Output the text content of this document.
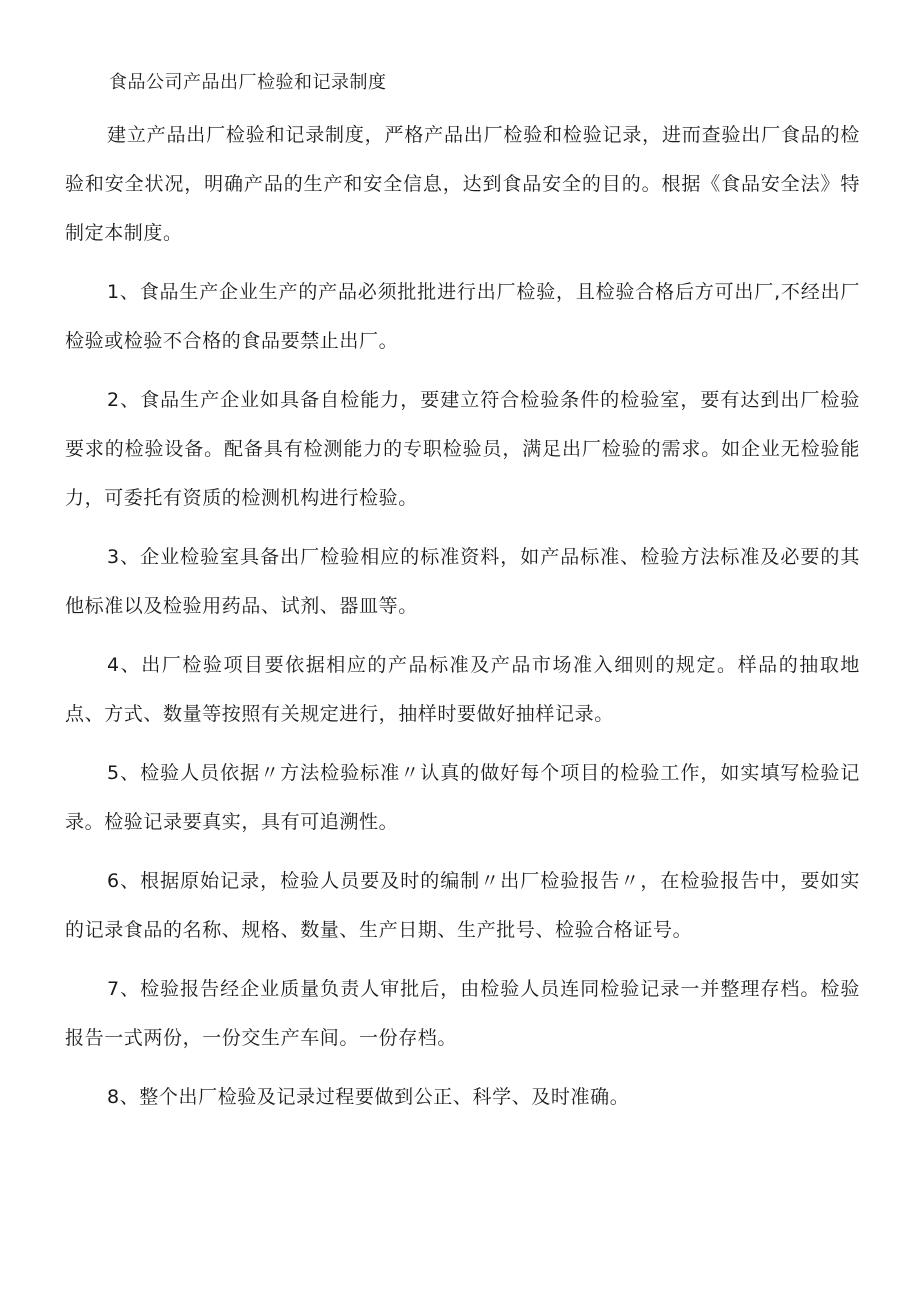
食品公司产品出厂检验和记录制度

建立产品出厂检验和记录制度，严格产品出厂检验和检验记录，进而查验出厂食品的检验和安全状况，明确产品的生产和安全信息，达到食品安全的目的。根据《食品安全法》特制定本制度。

1、食品生产企业生产的产品必须批批进行出厂检验，且检验合格后方可出厂,不经出厂检验或检验不合格的食品要禁止出厂。

2、食品生产企业如具备自检能力，要建立符合检验条件的检验室，要有达到出厂检验要求的检验设备。配备具有检测能力的专职检验员，满足出厂检验的需求。如企业无检验能力，可委托有资质的检测机构进行检验。

3、企业检验室具备出厂检验相应的标准资料，如产品标准、检验方法标准及必要的其他标准以及检验用药品、试剂、器皿等。

4、出厂检验项目要依据相应的产品标准及产品市场准入细则的规定。样品的抽取地点、方式、数量等按照有关规定进行，抽样时要做好抽样记录。

5、检验人员依据〃方法检验标准〃认真的做好每个项目的检验工作，如实填写检验记录。检验记录要真实，具有可追溯性。

6、根据原始记录，检验人员要及时的编制〃出厂检验报告〃，在检验报告中，要如实的记录食品的名称、规格、数量、生产日期、生产批号、检验合格证号。

7、检验报告经企业质量负责人审批后，由检验人员连同检验记录一并整理存档。检验报告一式两份，一份交生产车间。一份存档。

8、整个出厂检验及记录过程要做到公正、科学、及时准确。
